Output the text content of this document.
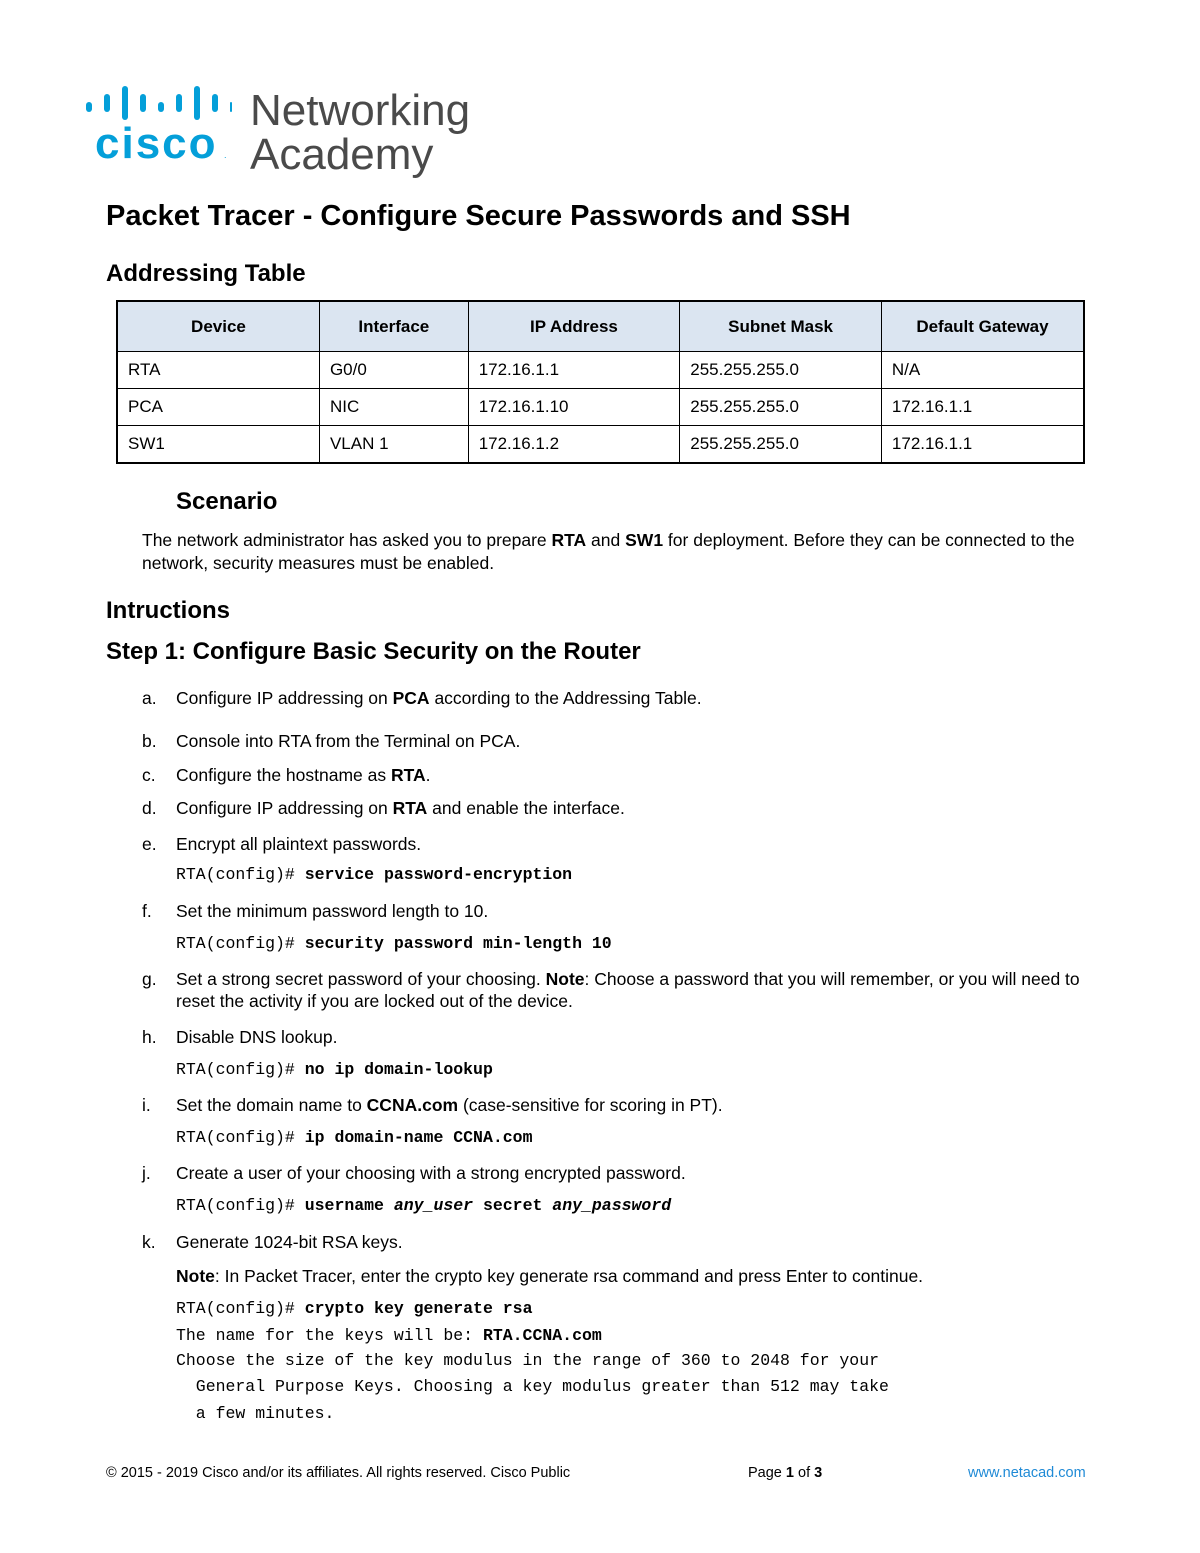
cisco .
Networking
Academy
Packet Tracer - Configure Secure Passwords and SSH
Addressing Table
Device	Interface	IP Address	Subnet Mask	Default Gateway
RTA	G0/0	172.16.1.1	255.255.255.0	N/A
PCA	NIC	172.16.1.10	255.255.255.0	172.16.1.1
SW1	VLAN 1	172.16.1.2	255.255.255.0	172.16.1.1
Scenario
The network administrator has asked you to prepare RTA and SW1 for deployment. Before they can be connected to the network, security measures must be enabled.
Intructions
Step 1: Configure Basic Security on the Router
a.	Configure IP addressing on PCA according to the Addressing Table.
b.	Console into RTA from the Terminal on PCA.
c.	Configure the hostname as RTA.
d.	Configure IP addressing on RTA and enable the interface.
e.	Encrypt all plaintext passwords.
RTA(config)# service password-encryption
f.	Set the minimum password length to 10.
RTA(config)# security password min-length 10
g.	Set a strong secret password of your choosing. Note: Choose a password that you will remember, or you will need to reset the activity if you are locked out of the device.
h.	Disable DNS lookup.
RTA(config)# no ip domain-lookup
i.	Set the domain name to CCNA.com (case-sensitive for scoring in PT).
RTA(config)# ip domain-name CCNA.com
j.	Create a user of your choosing with a strong encrypted password.
RTA(config)# username any_user secret any_password
k.	Generate 1024-bit RSA keys.
Note: In Packet Tracer, enter the crypto key generate rsa command and press Enter to continue.
RTA(config)# crypto key generate rsa
The name for the keys will be: RTA.CCNA.com
Choose the size of the key modulus in the range of 360 to 2048 for your
General Purpose Keys. Choosing a key modulus greater than 512 may take
a few minutes.
© 2015 - 2019 Cisco and/or its affiliates. All rights reserved. Cisco Public	Page 1 of 3	www.netacad.com
